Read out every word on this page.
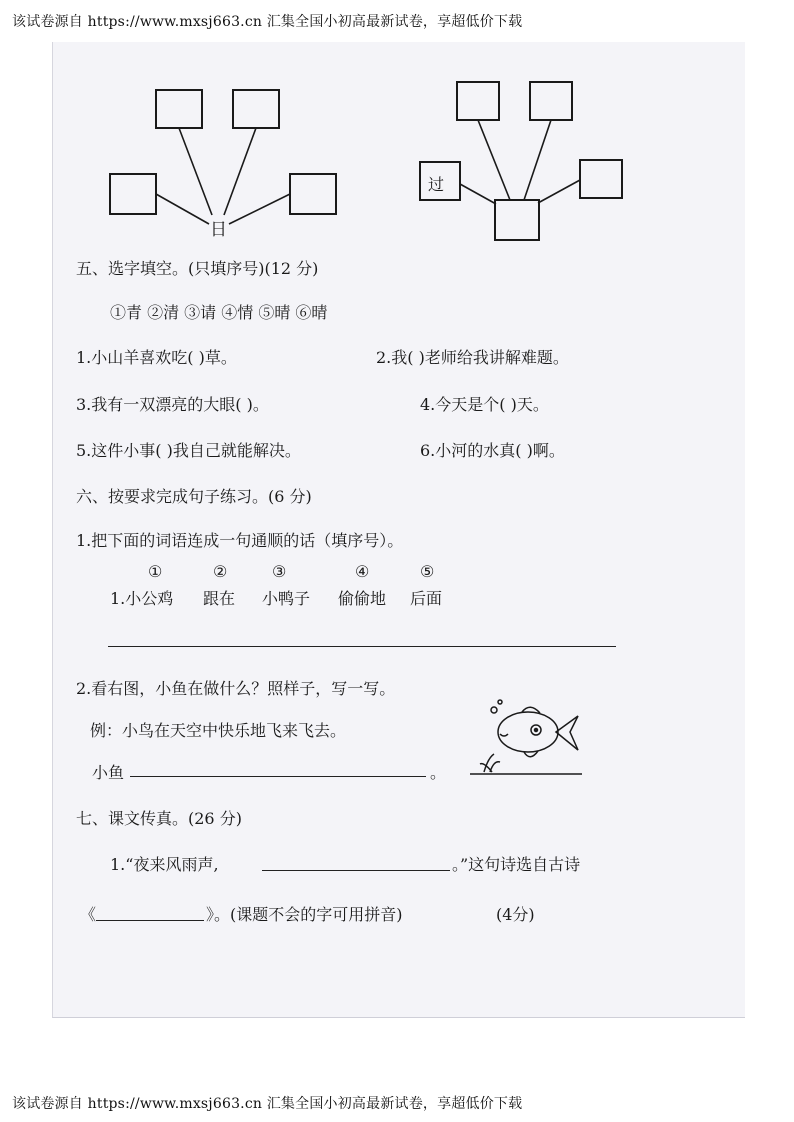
该试卷源自 https://www.mxsj663.cn 汇集全国小初高最新试卷，享超低价下载
日
过
五、选字填空。(只填序号)(12 分)
①青 ②清 ③请 ④情 ⑤晴 ⑥晴
1.小山羊喜欢吃( )草。	2.我( )老师给我讲解难题。
3.我有一双漂亮的大眼( )。	4.今天是个( )天。
5.这件小事( )我自己就能解决。	6.小河的水真( )啊。
六、按要求完成句子练习。(6 分)
1.把下面的词语连成一句通顺的话（填序号）。
①	②	③	④	⑤
1.小公鸡 跟在 小鸭子 偷偷地 后面
2.看右图，小鱼在做什么？照样子，写一写。
例：小鸟在天空中快乐地飞来飞去。
小鱼	。
七、课文传真。(26 分)
1.“夜来风雨声,	。”这句诗选自古诗
《	》。(课题不会的字可用拼音)	(4分)
该试卷源自 https://www.mxsj663.cn 汇集全国小初高最新试卷，享超低价下载
